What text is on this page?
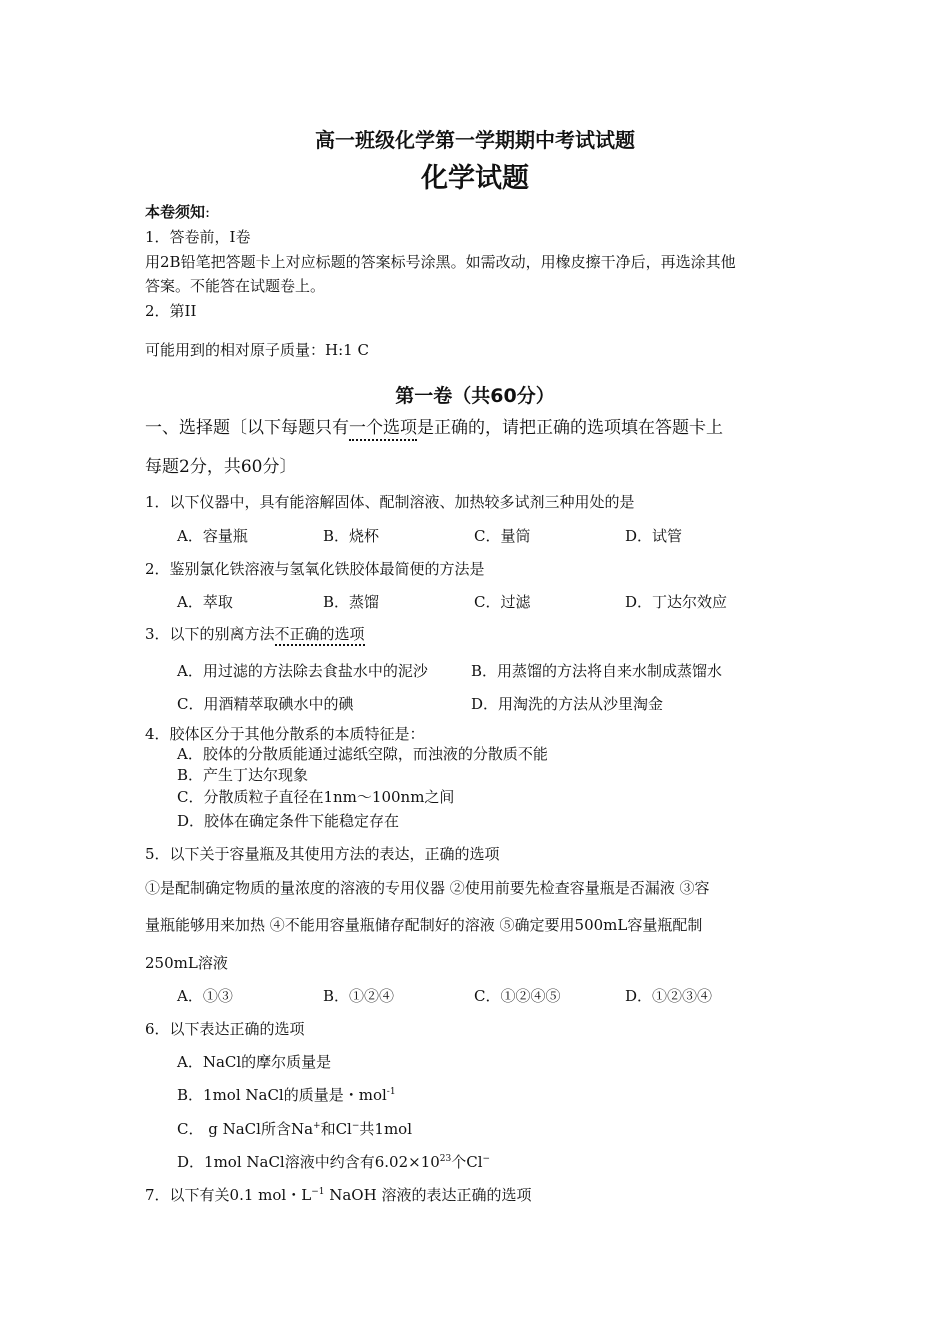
高一班级化学第一学期期中考试试题
化学试题
本卷须知:
1．答卷前，Ⅰ卷
用2B铅笔把答题卡上对应标题的答案标号涂黑。如需改动，用橡皮擦干净后，再选涂其他
答案。不能答在试题卷上。
2．第II
可能用到的相对原子质量：H:1 C
第一卷（共60分）
一、选择题〔以下每题只有一个选项是正确的，请把正确的选项填在答题卡上
每题2分，共60分〕
1．以下仪器中，具有能溶解固体、配制溶液、加热较多试剂三种用处的是
A．容量瓶	B．烧杯	C．量筒	D．试管
2．鉴别氯化铁溶液与氢氧化铁胶体最简便的方法是
A．萃取	B．蒸馏	C．过滤	D．丁达尔效应
3．以下的别离方法不正确的选项
A．用过滤的方法除去食盐水中的泥沙	B．用蒸馏的方法将自来水制成蒸馏水
C．用酒精萃取碘水中的碘	D．用淘洗的方法从沙里淘金
4．胶体区分于其他分散系的本质特征是：
A．胶体的分散质能通过滤纸空隙，而浊液的分散质不能
B．产生丁达尔现象
C．分散质粒子直径在1nm～100nm之间
D．胶体在确定条件下能稳定存在
5．以下关于容量瓶及其使用方法的表达，正确的选项
①是配制确定物质的量浓度的溶液的专用仪器 ②使用前要先检查容量瓶是否漏液 ③容
量瓶能够用来加热 ④不能用容量瓶储存配制好的溶液 ⑤确定要用500mL容量瓶配制
250mL溶液
A．①③	B．①②④	C．①②④⑤	D．①②③④
6．以下表达正确的选项
A．NaCl的摩尔质量是
B．1mol NaCl的质量是・mol$^{-1}$
C． g NaCl所含Na+和Cl−共1mol
D．1mol NaCl溶液中约含有$6.02\times 10^{23}$个Cl−
7．以下有关0.1 mol・$L^{-1}$ NaOH 溶液的表达正确的选项
